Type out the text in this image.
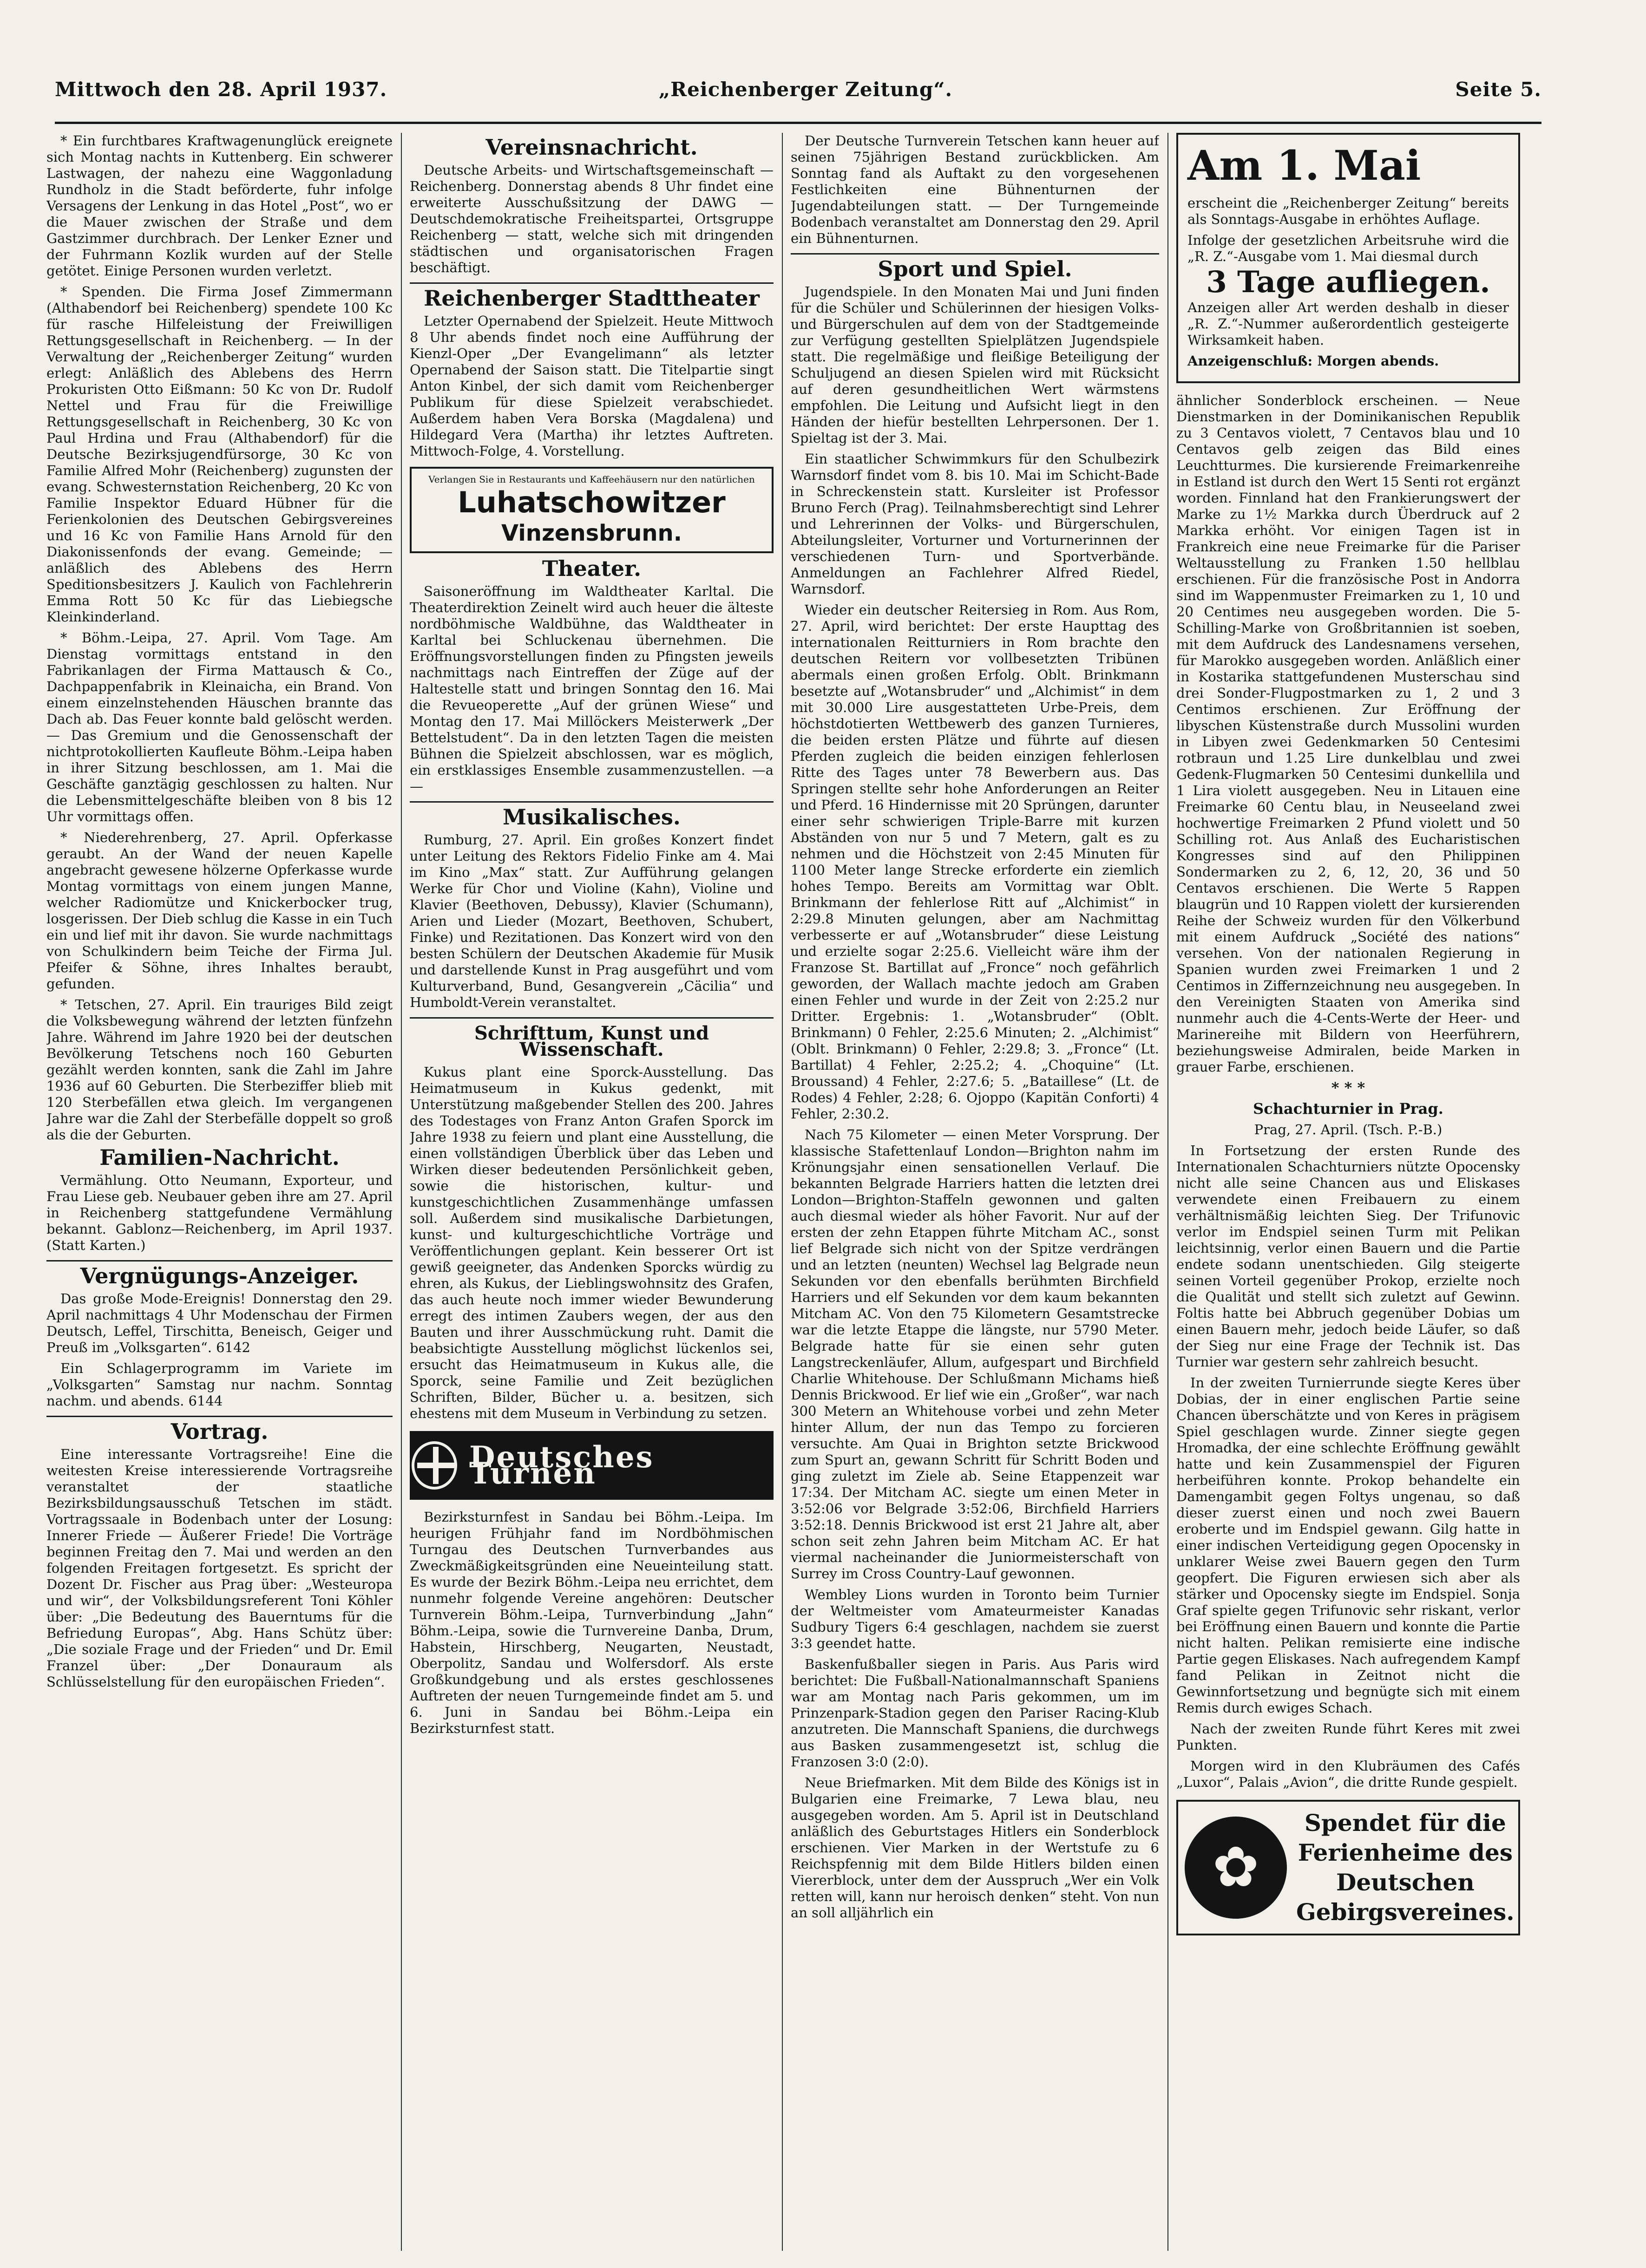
Mittwoch den 28. April 1937.	„Reichenberger Zeitung“.	Seite 5.

* Ein furchtbares Kraftwagenunglück ereignete sich Montag nachts in Kuttenberg. Ein schwerer Lastwagen, der nahezu eine Waggonladung Rundholz in die Stadt beförderte, fuhr infolge Versagens der Lenkung in das Hotel „Post“, wo er die Mauer zwischen der Straße und dem Gastzimmer durchbrach. Der Lenker Ezner und der Fuhrmann Kozlik wurden auf der Stelle getötet. Einige Personen wurden verletzt.

* Spenden. Die Firma Josef Zimmermann (Althabendorf bei Reichenberg) spendete 100 Kc für rasche Hilfeleistung der Freiwilligen Rettungsgesellschaft in Reichenberg. — In der Verwaltung der „Reichenberger Zeitung“ wurden erlegt: Anläßlich des Ablebens des Herrn Prokuristen Otto Eißmann: 50 Kc von Dr. Rudolf Nettel und Frau für die Freiwillige Rettungsgesellschaft in Reichenberg, 30 Kc von Paul Hrdina und Frau (Althabendorf) für die Deutsche Bezirksjugendfürsorge, 30 Kc von Familie Alfred Mohr (Reichenberg) zugunsten der evang. Schwesternstation Reichenberg, 20 Kc von Familie Inspektor Eduard Hübner für die Ferienkolonien des Deutschen Gebirgsvereines und 16 Kc von Familie Hans Arnold für den Diakonissenfonds der evang. Gemeinde; — anläßlich des Ablebens des Herrn Speditionsbesitzers J. Kaulich von Fachlehrerin Emma Rott 50 Kc für das Liebiegsche Kleinkinderland.

* Böhm.-Leipa, 27. April. Vom Tage. Am Dienstag vormittags entstand in den Fabrikanlagen der Firma Mattausch & Co., Dachpappenfabrik in Kleinaicha, ein Brand. Von einem einzelnstehenden Häuschen brannte das Dach ab. Das Feuer konnte bald gelöscht werden. — Das Gremium und die Genossenschaft der nichtprotokollierten Kaufleute Böhm.-Leipa haben in ihrer Sitzung beschlossen, am 1. Mai die Geschäfte ganztägig geschlossen zu halten. Nur die Lebensmittelgeschäfte bleiben von 8 bis 12 Uhr vormittags offen.

* Niederehrenberg, 27. April. Opferkasse geraubt. An der Wand der neuen Kapelle angebracht gewesene hölzerne Opferkasse wurde Montag vormittags von einem jungen Manne, welcher Radiomütze und Knickerbocker trug, losgerissen. Der Dieb schlug die Kasse in ein Tuch ein und lief mit ihr davon. Sie wurde nachmittags von Schulkindern beim Teiche der Firma Jul. Pfeifer & Söhne, ihres Inhaltes beraubt, gefunden.

* Tetschen, 27. April. Ein trauriges Bild zeigt die Volksbewegung während der letzten fünfzehn Jahre. Während im Jahre 1920 bei der deutschen Bevölkerung Tetschens noch 160 Geburten gezählt werden konnten, sank die Zahl im Jahre 1936 auf 60 Geburten. Die Sterbeziffer blieb mit 120 Sterbefällen etwa gleich. Im vergangenen Jahre war die Zahl der Sterbefälle doppelt so groß als die der Geburten.

Familien-Nachricht.

Vermählung. Otto Neumann, Exporteur, und Frau Liese geb. Neubauer geben ihre am 27. April in Reichenberg stattgefundene Vermählung bekannt. Gablonz—Reichenberg, im April 1937. (Statt Karten.)

Vergnügungs-Anzeiger.

Das große Mode-Ereignis! Donnerstag den 29. April nachmittags 4 Uhr Modenschau der Firmen Deutsch, Leffel, Tirschitta, Beneisch, Geiger und Preuß im „Volksgarten“. 6142

Ein Schlagerprogramm im Variete im „Volksgarten“ Samstag nur nachm. Sonntag nachm. und abends. 6144

Vortrag.

Eine interessante Vortragsreihe! Eine die weitesten Kreise interessierende Vortragsreihe veranstaltet der staatliche Bezirksbildungsausschuß Tetschen im städt. Vortragssaale in Bodenbach unter der Losung: Innerer Friede — Äußerer Friede! Die Vorträge beginnen Freitag den 7. Mai und werden an den folgenden Freitagen fortgesetzt. Es spricht der Dozent Dr. Fischer aus Prag über: „Westeuropa und wir“, der Volksbildungsreferent Toni Köhler über: „Die Bedeutung des Bauerntums für die Befriedung Europas“, Abg. Hans Schütz über: „Die soziale Frage und der Frieden“ und Dr. Emil Franzel über: „Der Donauraum als Schlüsselstellung für den europäischen Frieden“.

Vereinsnachricht.

Deutsche Arbeits- und Wirtschaftsgemeinschaft — Reichenberg. Donnerstag abends 8 Uhr findet eine erweiterte Ausschußsitzung der DAWG — Deutschdemokratische Freiheitspartei, Ortsgruppe Reichenberg — statt, welche sich mit dringenden städtischen und organisatorischen Fragen beschäftigt.

Reichenberger Stadttheater

Letzter Opernabend der Spielzeit. Heute Mittwoch 8 Uhr abends findet noch eine Aufführung der Kienzl-Oper „Der Evangelimann“ als letzter Opernabend der Saison statt. Die Titelpartie singt Anton Kinbel, der sich damit vom Reichenberger Publikum für diese Spielzeit verabschiedet. Außerdem haben Vera Borska (Magdalena) und Hildegard Vera (Martha) ihr letztes Auftreten. Mittwoch-Folge, 4. Vorstellung.

Verlangen Sie in Restaurants und Kaffeehäusern nur den natürlichen
Luhatschowitzer
Vinzensbrunn.
Theater.

Saisoneröffnung im Waldtheater Karltal. Die Theaterdirektion Zeinelt wird auch heuer die älteste nordböhmische Waldbühne, das Waldtheater in Karltal bei Schluckenau übernehmen. Die Eröffnungsvorstellungen finden zu Pfingsten jeweils nachmittags nach Eintreffen der Züge auf der Haltestelle statt und bringen Sonntag den 16. Mai die Revueoperette „Auf der grünen Wiese“ und Montag den 17. Mai Millöckers Meisterwerk „Der Bettelstudent“. Da in den letzten Tagen die meisten Bühnen die Spielzeit abschlossen, war es möglich, ein erstklassiges Ensemble zusammenzustellen. —a—

Musikalisches.

Rumburg, 27. April. Ein großes Konzert findet unter Leitung des Rektors Fidelio Finke am 4. Mai im Kino „Max“ statt. Zur Aufführung gelangen Werke für Chor und Violine (Kahn), Violine und Klavier (Beethoven, Debussy), Klavier (Schumann), Arien und Lieder (Mozart, Beethoven, Schubert, Finke) und Rezitationen. Das Konzert wird von den besten Schülern der Deutschen Akademie für Musik und darstellende Kunst in Prag ausgeführt und vom Kulturverband, Bund, Gesangverein „Cäcilia“ und Humboldt-Verein veranstaltet.

Schrifttum, Kunst und Wissenschaft.

Kukus plant eine Sporck-Ausstellung. Das Heimatmuseum in Kukus gedenkt, mit Unterstützung maßgebender Stellen des 200. Jahres des Todestages von Franz Anton Grafen Sporck im Jahre 1938 zu feiern und plant eine Ausstellung, die einen vollständigen Überblick über das Leben und Wirken dieser bedeutenden Persönlichkeit geben, sowie die historischen, kultur- und kunstgeschichtlichen Zusammenhänge umfassen soll. Außerdem sind musikalische Darbietungen, kunst- und kulturgeschichtliche Vorträge und Veröffentlichungen geplant. Kein besserer Ort ist gewiß geeigneter, das Andenken Sporcks würdig zu ehren, als Kukus, der Lieblingswohnsitz des Grafen, das auch heute noch immer wieder Bewunderung erregt des intimen Zaubers wegen, der aus den Bauten und ihrer Ausschmückung ruht. Damit die beabsichtigte Ausstellung möglichst lückenlos sei, ersucht das Heimatmuseum in Kukus alle, die Sporck, seine Familie und Zeit bezüglichen Schriften, Bilder, Bücher u. a. besitzen, sich ehestens mit dem Museum in Verbindung zu setzen.

Deutsches Turnen

Bezirksturnfest in Sandau bei Böhm.-Leipa. Im heurigen Frühjahr fand im Nordböhmischen Turngau des Deutschen Turnverbandes aus Zweckmäßigkeitsgründen eine Neueinteilung statt. Es wurde der Bezirk Böhm.-Leipa neu errichtet, dem nunmehr folgende Vereine angehören: Deutscher Turnverein Böhm.-Leipa, Turnverbindung „Jahn“ Böhm.-Leipa, sowie die Turnvereine Danba, Drum, Habstein, Hirschberg, Neugarten, Neustadt, Oberpolitz, Sandau und Wolfersdorf. Als erste Großkundgebung und als erstes geschlossenes Auftreten der neuen Turngemeinde findet am 5. und 6. Juni in Sandau bei Böhm.-Leipa ein Bezirksturnfest statt.

Der Deutsche Turnverein Tetschen kann heuer auf seinen 75jährigen Bestand zurückblicken. Am Sonntag fand als Auftakt zu den vorgesehenen Festlichkeiten eine Bühnenturnen der Jugendabteilungen statt. — Der Turngemeinde Bodenbach veranstaltet am Donnerstag den 29. April ein Bühnenturnen.

Sport und Spiel.

Jugendspiele. In den Monaten Mai und Juni finden für die Schüler und Schülerinnen der hiesigen Volks- und Bürgerschulen auf dem von der Stadtgemeinde zur Verfügung gestellten Spielplätzen Jugendspiele statt. Die regelmäßige und fleißige Beteiligung der Schuljugend an diesen Spielen wird mit Rücksicht auf deren gesundheitlichen Wert wärmstens empfohlen. Die Leitung und Aufsicht liegt in den Händen der hiefür bestellten Lehrpersonen. Der 1. Spieltag ist der 3. Mai.

Ein staatlicher Schwimmkurs für den Schulbezirk Warnsdorf findet vom 8. bis 10. Mai im Schicht-Bade in Schreckenstein statt. Kursleiter ist Professor Bruno Ferch (Prag). Teilnahmsberechtigt sind Lehrer und Lehrerinnen der Volks- und Bürgerschulen, Abteilungsleiter, Vorturner und Vorturnerinnen der verschiedenen Turn- und Sportverbände. Anmeldungen an Fachlehrer Alfred Riedel, Warnsdorf.

Wieder ein deutscher Reitersieg in Rom. Aus Rom, 27. April, wird berichtet: Der erste Haupttag des internationalen Reitturniers in Rom brachte den deutschen Reitern vor vollbesetzten Tribünen abermals einen großen Erfolg. Oblt. Brinkmann besetzte auf „Wotansbruder“ und „Alchimist“ in dem mit 30.000 Lire ausgestatteten Urbe-Preis, dem höchstdotierten Wettbewerb des ganzen Turnieres, die beiden ersten Plätze und führte auf diesen Pferden zugleich die beiden einzigen fehlerlosen Ritte des Tages unter 78 Bewerbern aus. Das Springen stellte sehr hohe Anforderungen an Reiter und Pferd. 16 Hindernisse mit 20 Sprüngen, darunter einer sehr schwierigen Triple-Barre mit kurzen Abständen von nur 5 und 7 Metern, galt es zu nehmen und die Höchstzeit von 2:45 Minuten für 1100 Meter lange Strecke erforderte ein ziemlich hohes Tempo. Bereits am Vormittag war Oblt. Brinkmann der fehlerlose Ritt auf „Alchimist“ in 2:29.8 Minuten gelungen, aber am Nachmittag verbesserte er auf „Wotansbruder“ diese Leistung und erzielte sogar 2:25.6. Vielleicht wäre ihm der Franzose St. Bartillat auf „Fronce“ noch gefährlich geworden, der Wallach machte jedoch am Graben einen Fehler und wurde in der Zeit von 2:25.2 nur Dritter. Ergebnis: 1. „Wotansbruder“ (Oblt. Brinkmann) 0 Fehler, 2:25.6 Minuten; 2. „Alchimist“ (Oblt. Brinkmann) 0 Fehler, 2:29.8; 3. „Fronce“ (Lt. Bartillat) 4 Fehler, 2:25.2; 4. „Choquine“ (Lt. Broussand) 4 Fehler, 2:27.6; 5. „Bataillese“ (Lt. de Rodes) 4 Fehler, 2:28; 6. Ojoppo (Kapitän Conforti) 4 Fehler, 2:30.2.

Nach 75 Kilometer — einen Meter Vorsprung. Der klassische Stafettenlauf London—Brighton nahm im Krönungsjahr einen sensationellen Verlauf. Die bekannten Belgrade Harriers hatten die letzten drei London—Brighton-Staffeln gewonnen und galten auch diesmal wieder als höher Favorit. Nur auf der ersten der zehn Etappen führte Mitcham AC., sonst lief Belgrade sich nicht von der Spitze verdrängen und an letzten (neunten) Wechsel lag Belgrade neun Sekunden vor den ebenfalls berühmten Birchfield Harriers und elf Sekunden vor dem kaum bekannten Mitcham AC. Von den 75 Kilometern Gesamtstrecke war die letzte Etappe die längste, nur 5790 Meter. Belgrade hatte für sie einen sehr guten Langstreckenläufer, Allum, aufgespart und Birchfield Charlie Whitehouse. Der Schlußmann Michams hieß Dennis Brickwood. Er lief wie ein „Großer“, war nach 300 Metern an Whitehouse vorbei und zehn Meter hinter Allum, der nun das Tempo zu forcieren versuchte. Am Quai in Brighton setzte Brickwood zum Spurt an, gewann Schritt für Schritt Boden und ging zuletzt im Ziele ab. Seine Etappenzeit war 17:34. Der Mitcham AC. siegte um einen Meter in 3:52:06 vor Belgrade 3:52:06, Birchfield Harriers 3:52:18. Dennis Brickwood ist erst 21 Jahre alt, aber schon seit zehn Jahren beim Mitcham AC. Er hat viermal nacheinander die Juniormeisterschaft von Surrey im Cross Country-Lauf gewonnen.

Wembley Lions wurden in Toronto beim Turnier der Weltmeister vom Amateurmeister Kanadas Sudbury Tigers 6:4 geschlagen, nachdem sie zuerst 3:3 geendet hatte.

Baskenfußballer siegen in Paris. Aus Paris wird berichtet: Die Fußball-Nationalmannschaft Spaniens war am Montag nach Paris gekommen, um im Prinzenpark-Stadion gegen den Pariser Racing-Klub anzutreten. Die Mannschaft Spaniens, die durchwegs aus Basken zusammengesetzt ist, schlug die Franzosen 3:0 (2:0).

Neue Briefmarken. Mit dem Bilde des Königs ist in Bulgarien eine Freimarke, 7 Lewa blau, neu ausgegeben worden. Am 5. April ist in Deutschland anläßlich des Geburtstages Hitlers ein Sonderblock erschienen. Vier Marken in der Wertstufe zu 6 Reichspfennig mit dem Bilde Hitlers bilden einen Viererblock, unter dem der Ausspruch „Wer ein Volk retten will, kann nur heroisch denken“ steht. Von nun an soll alljährlich ein

Am 1. Mai

erscheint die „Reichenberger Zeitung“ bereits als Sonntags-Ausgabe in erhöhtes Auflage.

Infolge der gesetzlichen Arbeitsruhe wird die „R. Z.“-Ausgabe vom 1. Mai diesmal durch

3 Tage aufliegen.

Anzeigen aller Art werden deshalb in dieser „R. Z.“-Nummer außerordentlich gesteigerte Wirksamkeit haben.

Anzeigenschluß: Morgen abends.

ähnlicher Sonderblock erscheinen. — Neue Dienstmarken in der Dominikanischen Republik zu 3 Centavos violett, 7 Centavos blau und 10 Centavos gelb zeigen das Bild eines Leuchtturmes. Die kursierende Freimarkenreihe in Estland ist durch den Wert 15 Senti rot ergänzt worden. Finnland hat den Frankierungswert der Marke zu 1½ Markka durch Überdruck auf 2 Markka erhöht. Vor einigen Tagen ist in Frankreich eine neue Freimarke für die Pariser Weltausstellung zu Franken 1.50 hellblau erschienen. Für die französische Post in Andorra sind im Wappenmuster Freimarken zu 1, 10 und 20 Centimes neu ausgegeben worden. Die 5-Schilling-Marke von Großbritannien ist soeben, mit dem Aufdruck des Landesnamens versehen, für Marokko ausgegeben worden. Anläßlich einer in Kostarika stattgefundenen Musterschau sind drei Sonder-Flugpostmarken zu 1, 2 und 3 Centimos erschienen. Zur Eröffnung der libyschen Küstenstraße durch Mussolini wurden in Libyen zwei Gedenkmarken 50 Centesimi rotbraun und 1.25 Lire dunkelblau und zwei Gedenk-Flugmarken 50 Centesimi dunkellila und 1 Lira violett ausgegeben. Neu in Litauen eine Freimarke 60 Centu blau, in Neuseeland zwei hochwertige Freimarken 2 Pfund violett und 50 Schilling rot. Aus Anlaß des Eucharistischen Kongresses sind auf den Philippinen Sondermarken zu 2, 6, 12, 20, 36 und 50 Centavos erschienen. Die Werte 5 Rappen blaugrün und 10 Rappen violett der kursierenden Reihe der Schweiz wurden für den Völkerbund mit einem Aufdruck „Société des nations“ versehen. Von der nationalen Regierung in Spanien wurden zwei Freimarken 1 und 2 Centimos in Ziffernzeichnung neu ausgegeben. In den Vereinigten Staaten von Amerika sind nunmehr auch die 4-Cents-Werte der Heer- und Marinereihe mit Bildern von Heerführern, beziehungsweise Admiralen, beide Marken in grauer Farbe, erschienen.

* * *
Schachturnier in Prag.

Prag, 27. April. (Tsch. P.-B.)

In Fortsetzung der ersten Runde des Internationalen Schachturniers nützte Opocensky nicht alle seine Chancen aus und Eliskases verwendete einen Freibauern zu einem verhältnismäßig leichten Sieg. Der Trifunovic verlor im Endspiel seinen Turm mit Pelikan leichtsinnig, verlor einen Bauern und die Partie endete sodann unentschieden. Gilg steigerte seinen Vorteil gegenüber Prokop, erzielte noch die Qualität und stellt sich zuletzt auf Gewinn. Foltis hatte bei Abbruch gegenüber Dobias um einen Bauern mehr, jedoch beide Läufer, so daß der Sieg nur eine Frage der Technik ist. Das Turnier war gestern sehr zahlreich besucht.

In der zweiten Turnierrunde siegte Keres über Dobias, der in einer englischen Partie seine Chancen überschätzte und von Keres in prägisem Spiel geschlagen wurde. Zinner siegte gegen Hromadka, der eine schlechte Eröffnung gewählt hatte und kein Zusammenspiel der Figuren herbeiführen konnte. Prokop behandelte ein Damengambit gegen Foltys ungenau, so daß dieser zuerst einen und noch zwei Bauern eroberte und im Endspiel gewann. Gilg hatte in einer indischen Verteidigung gegen Opocensky in unklarer Weise zwei Bauern gegen den Turm geopfert. Die Figuren erwiesen sich aber als stärker und Opocensky siegte im Endspiel. Sonja Graf spielte gegen Trifunovic sehr riskant, verlor bei Eröffnung einen Bauern und konnte die Partie nicht halten. Pelikan remisierte eine indische Partie gegen Eliskases. Nach aufregendem Kampf fand Pelikan in Zeitnot nicht die Gewinnfortsetzung und begnügte sich mit einem Remis durch ewiges Schach.

Nach der zweiten Runde führt Keres mit zwei Punkten.

Morgen wird in den Klubräumen des Cafés „Luxor“, Palais „Avion“, die dritte Runde gespielt.

✿
Spendet für die Ferienheime des Deutschen Gebirgsvereines.
